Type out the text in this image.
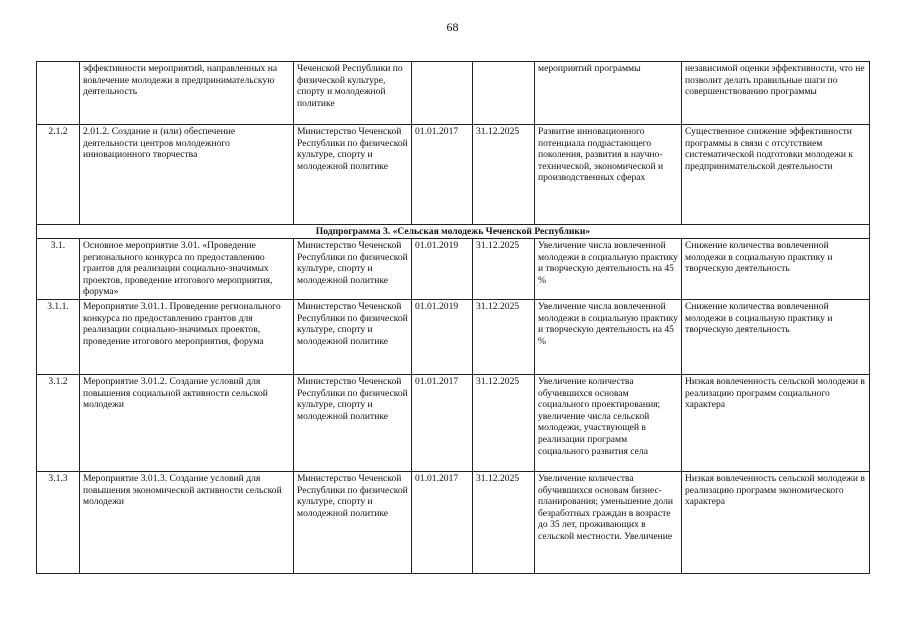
68
	эффективности мероприятий, направленных на вовлечение молодежи в предпринимательскую деятельность	Чеченской Республики по физической культуре, спорту и молодежной политике			мероприятий программы	независимой оценки эффективности, что не позволит делать правильные шаги по совершенствованию программы
2.1.2	2.01.2. Создание и (или) обеспечение деятельности центров молодежного инновационного творчества	Министерство Чеченской Республики по физической культуре, спорту и молодежной политике	01.01.2017	31.12.2025	Развитие инновационного потенциала подрастающего поколения, развития в научно-технической, экономической и производственных сферах	Существенное снижение эффективности программы в связи с отсутствием систематической подготовки молодежи к предпринимательской деятельности
Подпрограмма 3. «Сельская молодежь Чеченской Республики»						
3.1.	Основное мероприятие 3.01. «Проведение регионального конкурса по предоставлению грантов для реализации социально-значимых проектов, проведение итогового мероприятия, форума»	Министерство Чеченской Республики по физической культуре, спорту и молодежной политике	01.01.2019	31.12.2025	Увеличение числа вовлеченной молодежи в социальную практику и творческую деятельность на 45 %	Снижение количества вовлеченной молодежи в социальную практику и творческую деятельность
3.1.1.	Мероприятие 3.01.1. Проведение регионального конкурса по предоставлению грантов для реализации социально-значимых проектов, проведение итогового мероприятия, форума	Министерство Чеченской Республики по физической культуре, спорту и молодежной политике	01.01.2019	31.12.2025	Увеличение числа вовлеченной молодежи в социальную практику и творческую деятельность на 45 %	Снижение количества вовлеченной молодежи в социальную практику и творческую деятельность
3.1.2	Мероприятие 3.01.2. Создание условий для повышения социальной активности сельской молодежи	Министерство Чеченской Республики по физической культуре, спорту и молодежной политике	01.01.2017	31.12.2025	Увеличение количества обучившихся основам социального проектирования; увеличение числа сельской молодежи, участвующей в реализации программ социального развития села	Низкая вовлеченность сельской молодежи в реализацию программ социального характера
3.1.3	Мероприятие 3.01.3. Создание условий для повышения экономической активности сельской молодежи	Министерство Чеченской Республики по физической культуре, спорту и молодежной политике	01.01.2017	31.12.2025	Увеличение количества обучившихся основам бизнес-планирования; уменьшение доли безработных граждан в возрасте до 35 лет, проживающих в сельской местности. Увеличение	Низкая вовлеченность сельской молодежи в реализацию программ экономического характера
